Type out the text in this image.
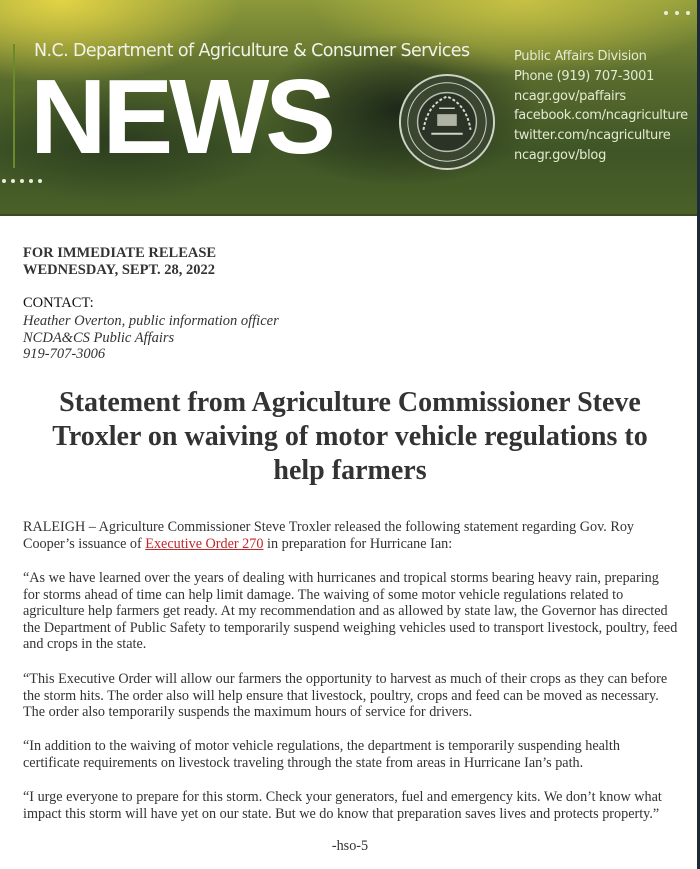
N.C. Department of Agriculture & Consumer Services
NEWS
Public Affairs Division
Phone (919) 707-3001
ncagr.gov/paffairs
facebook.com/ncagriculture
twitter.com/ncagriculture
ncagr.gov/blog
FOR IMMEDIATE RELEASE
WEDNESDAY, SEPT. 28, 2022
CONTACT:
Heather Overton, public information officer
NCDA&CS Public Affairs
919-707-3006
Statement from Agriculture Commissioner Steve Troxler on waiving of motor vehicle regulations to help farmers

RALEIGH – Agriculture Commissioner Steve Troxler released the following statement regarding Gov. Roy Cooper’s issuance of Executive Order 270 in preparation for Hurricane Ian:

“As we have learned over the years of dealing with hurricanes and tropical storms bearing heavy rain, preparing for storms ahead of time can help limit damage. The waiving of some motor vehicle regulations related to agriculture help farmers get ready. At my recommendation and as allowed by state law, the Governor has directed the Department of Public Safety to temporarily suspend weighing vehicles used to transport livestock, poultry, feed and crops in the state.

“This Executive Order will allow our farmers the opportunity to harvest as much of their crops as they can before the storm hits. The order also will help ensure that livestock, poultry, crops and feed can be moved as necessary. The order also temporarily suspends the maximum hours of service for drivers.

“In addition to the waiving of motor vehicle regulations, the department is temporarily suspending health certificate requirements on livestock traveling through the state from areas in Hurricane Ian’s path.

“I urge everyone to prepare for this storm. Check your generators, fuel and emergency kits. We don’t know what impact this storm will have yet on our state. But we do know that preparation saves lives and protects property.”

-hso-5
